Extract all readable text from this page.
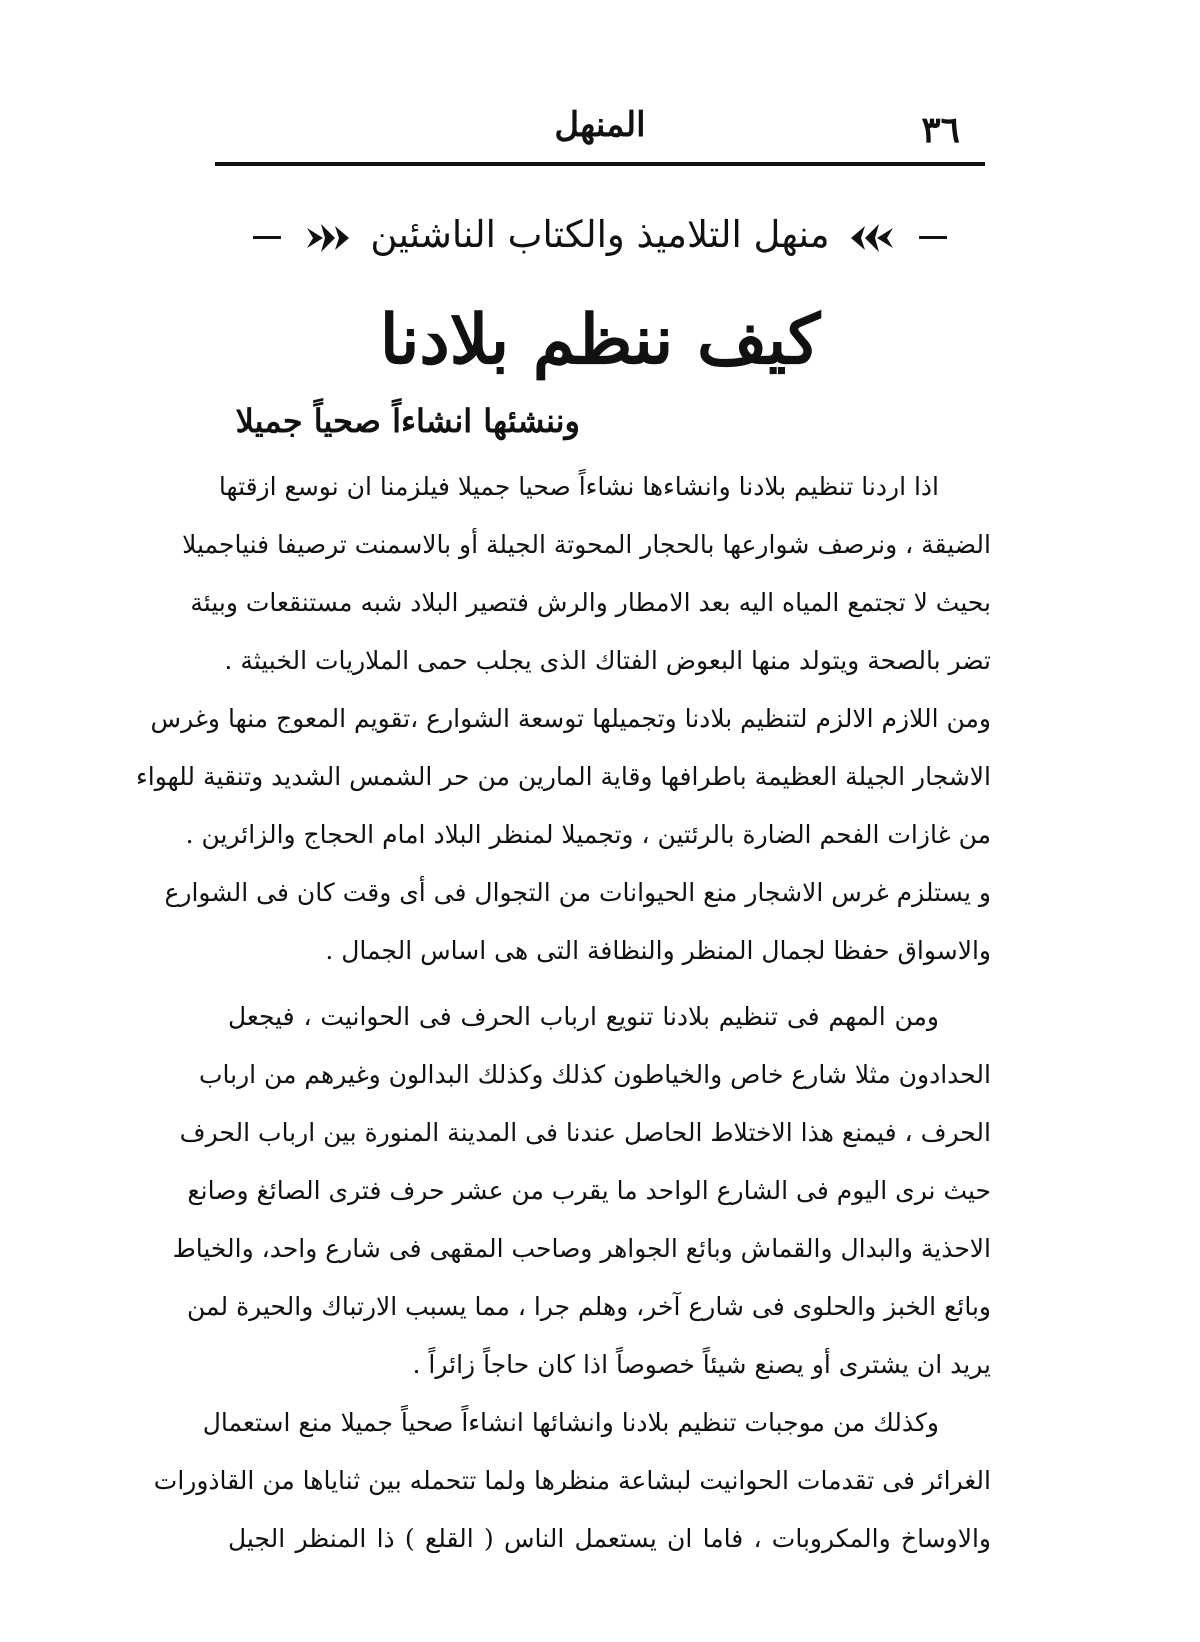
٣٦
المنهل
منهل التلاميذ والكتاب الناشئين
كيف ننظم بلادنا
وننشئها انشاءاً صحياً جميلا
اذا اردنا تنظيم بلادنا وانشاءها نشاءاً صحيا جميلا فيلزمنا ان نوسع ازقتها
الضيقة ، ونرصف شوارعها بالحجار المحوتة الجيلة أو بالاسمنت ترصيفا فنياجميلا
بحيث لا تجتمع المياه اليه بعد الامطار والرش فتصير البلاد شبه مستنقعات وبيئة
تضر بالصحة ويتولد منها البعوض الفتاك الذى يجلب حمى الملاريات الخبيثة .
ومن اللازم الالزم لتنظيم بلادنا وتجميلها توسعة الشوارع ،تقويم المعوج منها وغرس
الاشجار الجيلة العظيمة باطرافها وقاية المارين من حر الشمس الشديد وتنقية للهواء
من غازات الفحم الضارة بالرئتين ، وتجميلا لمنظر البلاد امام الحجاج والزائرين .
و يستلزم غرس الاشجار منع الحيوانات من التجوال فى أى وقت كان فى الشوارع
والاسواق حفظا لجمال المنظر والنظافة التى هى اساس الجمال .
ومن المهم فى تنظيم بلادنا تنويع ارباب الحرف فى الحوانيت ، فيجعل
الحدادون مثلا شارع خاص والخياطون كذلك وكذلك البدالون وغيرهم من ارباب
الحرف ، فيمنع هذا الاختلاط الحاصل عندنا فى المدينة المنورة بين ارباب الحرف
حيث نرى اليوم فى الشارع الواحد ما يقرب من عشر حرف فترى الصائغ وصانع
الاحذية والبدال والقماش وبائع الجواهر وصاحب المقهى فى شارع واحد، والخياط
وبائع الخبز والحلوى فى شارع آخر، وهلم جرا ، مما يسبب الارتباك والحيرة لمن
يريد ان يشترى أو يصنع شيئاً خصوصاً اذا كان حاجاً زائراً .
وكذلك من موجبات تنظيم بلادنا وانشائها انشاءاً صحياً جميلا منع استعمال
الغرائر فى تقدمات الحوانيت لبشاعة منظرها ولما تتحمله بين ثناياها من القاذورات
والاوساخ والمكروبات ، فاما ان يستعمل الناس ( القلع ) ذا المنظر الجيل
